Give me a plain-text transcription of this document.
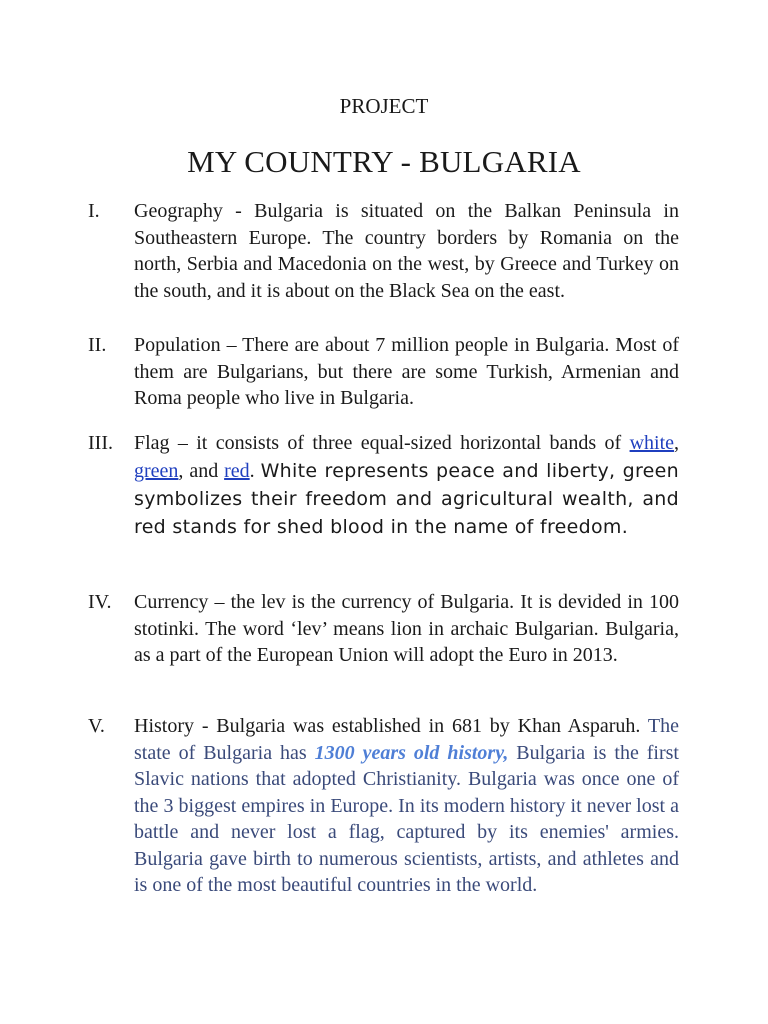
PROJECT
MY COUNTRY - BULGARIA
I. Geography - Bulgaria is situated on the Balkan Peninsula in Southeastern Europe. The country borders by Romania on the north, Serbia and Macedonia on the west, by Greece and Turkey on the south, and it is about on the Black Sea on the east.
II. Population – There are about 7 million people in Bulgaria. Most of them are Bulgarians, but there are some Turkish, Armenian and Roma people who live in Bulgaria.
III. Flag – it consists of three equal-sized horizontal bands of white, green, and red. White represents peace and liberty, green symbolizes their freedom and agricultural wealth, and red stands for shed blood in the name of freedom.
IV. Currency – the lev is the currency of Bulgaria. It is devided in 100 stotinki. The word ‘lev’ means lion in archaic Bulgarian. Bulgaria, as a part of the European Union will adopt the Euro in 2013.
V. History - Bulgaria was established in 681 by Khan Asparuh. The state of Bulgaria has 1300 years old history, Bulgaria is the first Slavic nations that adopted Christianity. Bulgaria was once one of the 3 biggest empires in Europe. In its modern history it never lost a battle and never lost a flag, captured by its enemies' armies. Bulgaria gave birth to numerous scientists, artists, and athletes and is one of the most beautiful countries in the world.
